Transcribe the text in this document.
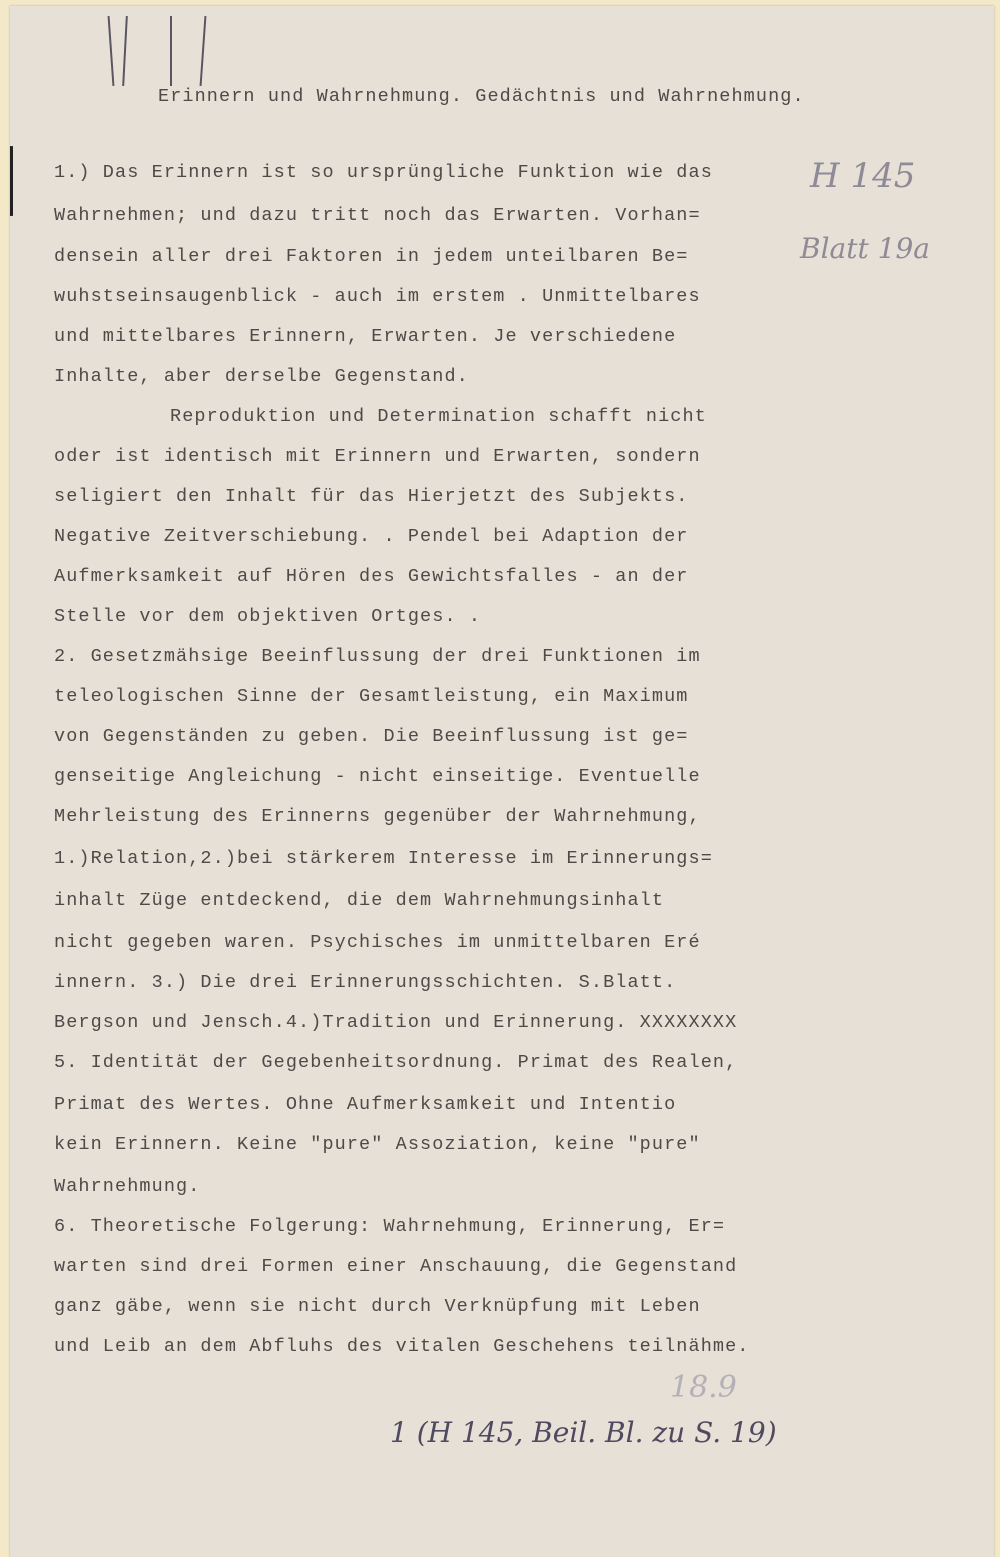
Erinnern und Wahrnehmung. Gedächtnis und Wahrnehmung.
1.) Das Erinnern ist so ursprüngliche Funktion wie das
Wahrnehmen; und dazu tritt noch das Erwarten. Vorhan=
densein aller drei Faktoren in jedem unteilbaren Be=
wuhstseinsaugenblick - auch im erstem . Unmittelbares
und mittelbares Erinnern, Erwarten. Je verschiedene
Inhalte, aber derselbe Gegenstand.
Reproduktion und Determination schafft nicht
oder ist identisch mit Erinnern und Erwarten, sondern
seligiert den Inhalt für das Hierjetzt des Subjekts.
Negative Zeitverschiebung. . Pendel bei Adaption der
Aufmerksamkeit auf Hören des Gewichtsfalles - an der
Stelle vor dem objektiven Ortges. .
2. Gesetzmähsige Beeinflussung der drei Funktionen im
teleologischen Sinne der Gesamtleistung, ein Maximum
von Gegenständen zu geben. Die Beeinflussung ist ge=
genseitige Angleichung - nicht einseitige. Eventuelle
Mehrleistung des Erinnerns gegenüber der Wahrnehmung,
1.)Relation,2.)bei stärkerem Interesse im Erinnerungs=
inhalt Züge entdeckend, die dem Wahrnehmungsinhalt
nicht gegeben waren. Psychisches im unmittelbaren Eré
innern. 3.) Die drei Erinnerungsschichten. S.Blatt.
Bergson und Jensch.4.)Tradition und Erinnerung. XXXXXXXX
5. Identität der Gegebenheitsordnung. Primat des Realen,
Primat des Wertes. Ohne Aufmerksamkeit und Intentio
kein Erinnern. Keine "pure" Assoziation, keine "pure"
Wahrnehmung.
6. Theoretische Folgerung: Wahrnehmung, Erinnerung, Er=
warten sind drei Formen einer Anschauung, die Gegenstand
ganz gäbe, wenn sie nicht durch Verknüpfung mit Leben
und Leib an dem Abfluhs des vitalen Geschehens teilnähme.
H 145
Blatt 19a
18.9
1 (H 145, Beil. Bl. zu S. 19)
